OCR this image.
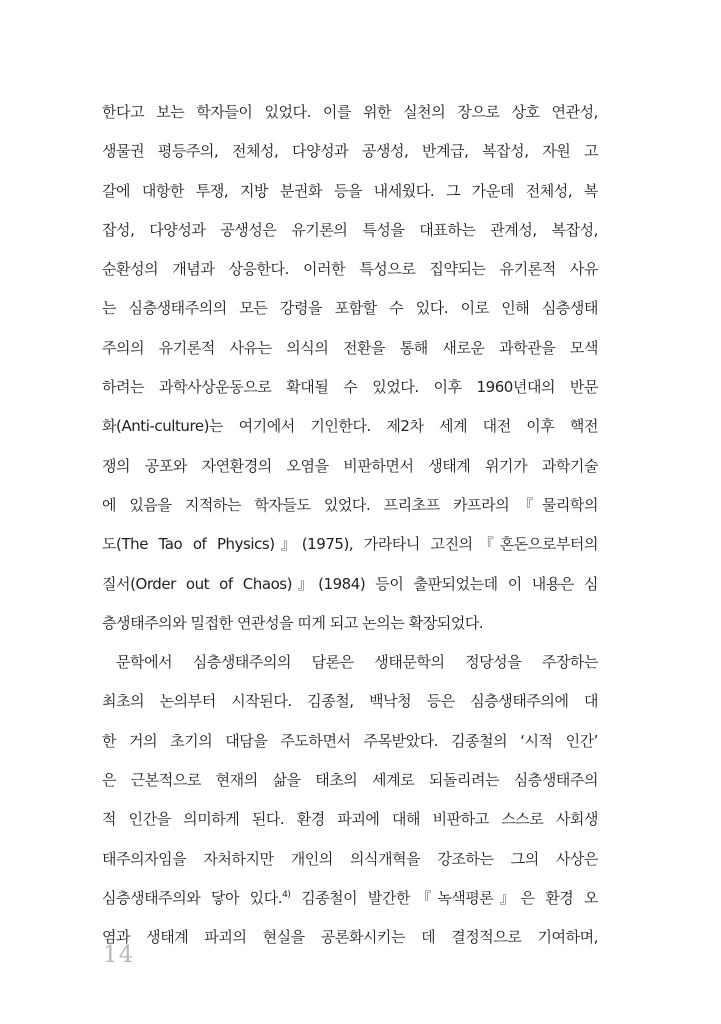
한다고 보는 학자들이 있었다. 이를 위한 실천의 장으로 상호 연관성,
생물권 평등주의, 전체성, 다양성과 공생성, 반계급, 복잡성, 자원 고
갈에 대항한 투쟁, 지방 분권화 등을 내세웠다. 그 가운데 전체성, 복
잡성, 다양성과 공생성은 유기론의 특성을 대표하는 관계성, 복잡성,
순환성의 개념과 상응한다. 이러한 특성으로 집약되는 유기론적 사유
는 심층생태주의의 모든 강령을 포함할 수 있다. 이로 인해 심층생태
주의의 유기론적 사유는 의식의 전환을 통해 새로운 과학관을 모색
하려는 과학사상운동으로 확대될 수 있었다. 이후 1960년대의 반문
화(Anti-culture)는 여기에서 기인한다. 제2차 세계 대전 이후 핵전
쟁의 공포와 자연환경의 오염을 비판하면서 생태계 위기가 과학기술
에 있음을 지적하는 학자들도 있었다. 프리초프 카프라의『물리학의
도(The Tao of Physics)』(1975), 가라타니 고진의『혼돈으로부터의
질서(Order out of Chaos)』(1984) 등이 출판되었는데 이 내용은 심
층생태주의와 밀접한 연관성을 띠게 되고 논의는 확장되었다.
문학에서 심층생태주의의 담론은 생태문학의 정당성을 주장하는
최초의 논의부터 시작된다. 김종철, 백낙청 등은 심층생태주의에 대
한 거의 초기의 대담을 주도하면서 주목받았다. 김종철의 ‘시적 인간’
은 근본적으로 현재의 삶을 태초의 세계로 되돌리려는 심층생태주의
적 인간을 의미하게 된다. 환경 파괴에 대해 비판하고 스스로 사회생
태주의자임을 자처하지만 개인의 의식개혁을 강조하는 그의 사상은
심층생태주의와 닿아 있다.$^{4)}$ 김종철이 발간한『녹색평론』은 환경 오
염과 생태계 파괴의 현실을 공론화시키는 데 결정적으로 기여하며,
14
